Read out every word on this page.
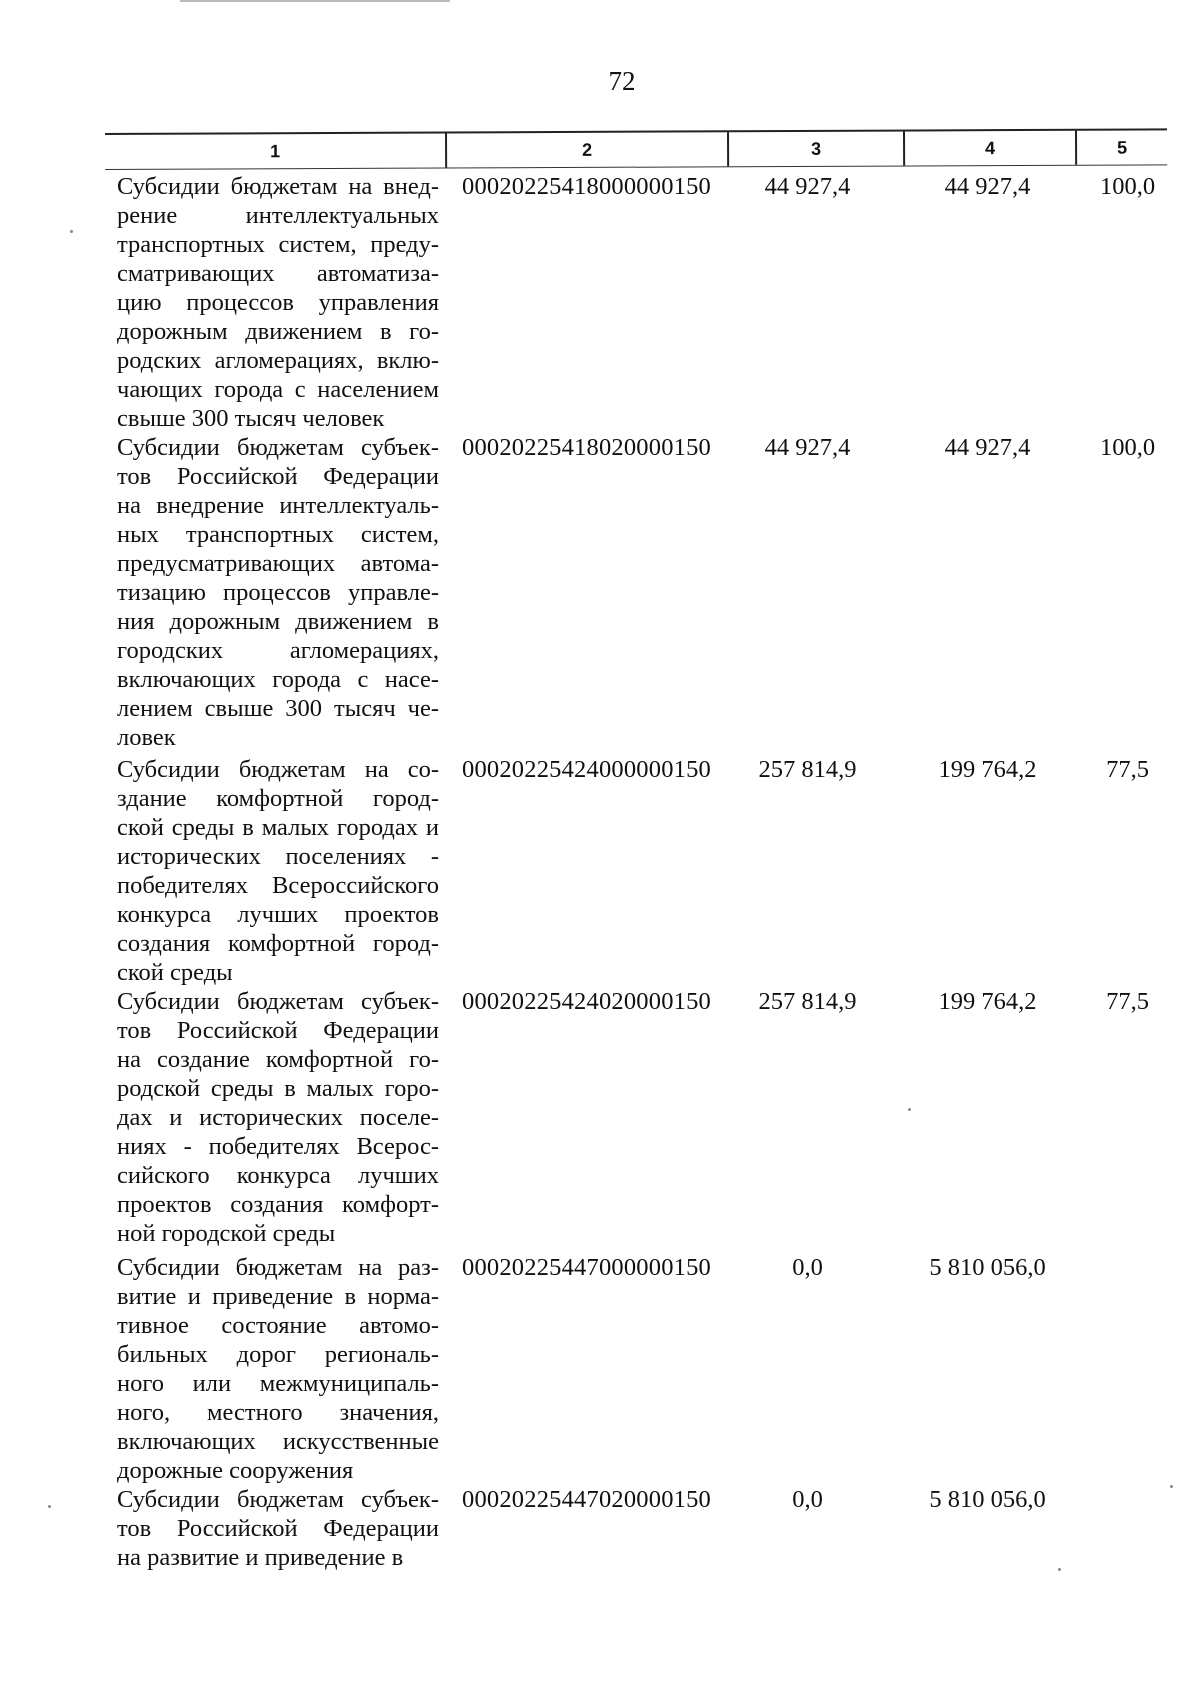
72
1	2	3	4	5
Субсидии бюджетам на внед-
рение интеллектуальных
транспортных систем, преду-
сматривающих автоматиза-
цию процессов управления
дорожным движением в го-
родских агломерациях, вклю-
чающих города с населением
свыше 300 тысяч человек
00020225418000000150	44 927,4	44 927,4	100,0
Субсидии бюджетам субъек-
тов Российской Федерации
на внедрение интеллектуаль-
ных транспортных систем,
предусматривающих автома-
тизацию процессов управле-
ния дорожным движением в
городских агломерациях,
включающих города с насе-
лением свыше 300 тысяч че-
ловек
00020225418020000150	44 927,4	44 927,4	100,0
Субсидии бюджетам на со-
здание комфортной город-
ской среды в малых городах и
исторических поселениях -
победителях Всероссийского
конкурса лучших проектов
создания комфортной город-
ской среды
00020225424000000150	257 814,9	199 764,2	77,5
Субсидии бюджетам субъек-
тов Российской Федерации
на создание комфортной го-
родской среды в малых горо-
дах и исторических поселе-
ниях - победителях Всерос-
сийского конкурса лучших
проектов создания комфорт-
ной городской среды
00020225424020000150	257 814,9	199 764,2	77,5
Субсидии бюджетам на раз-
витие и приведение в норма-
тивное состояние автомо-
бильных дорог региональ-
ного или межмуниципаль-
ного, местного значения,
включающих искусственные
дорожные сооружения
00020225447000000150	0,0	5 810 056,0
Субсидии бюджетам субъек-
тов Российской Федерации
на развитие и приведение в
00020225447020000150	0,0	5 810 056,0
